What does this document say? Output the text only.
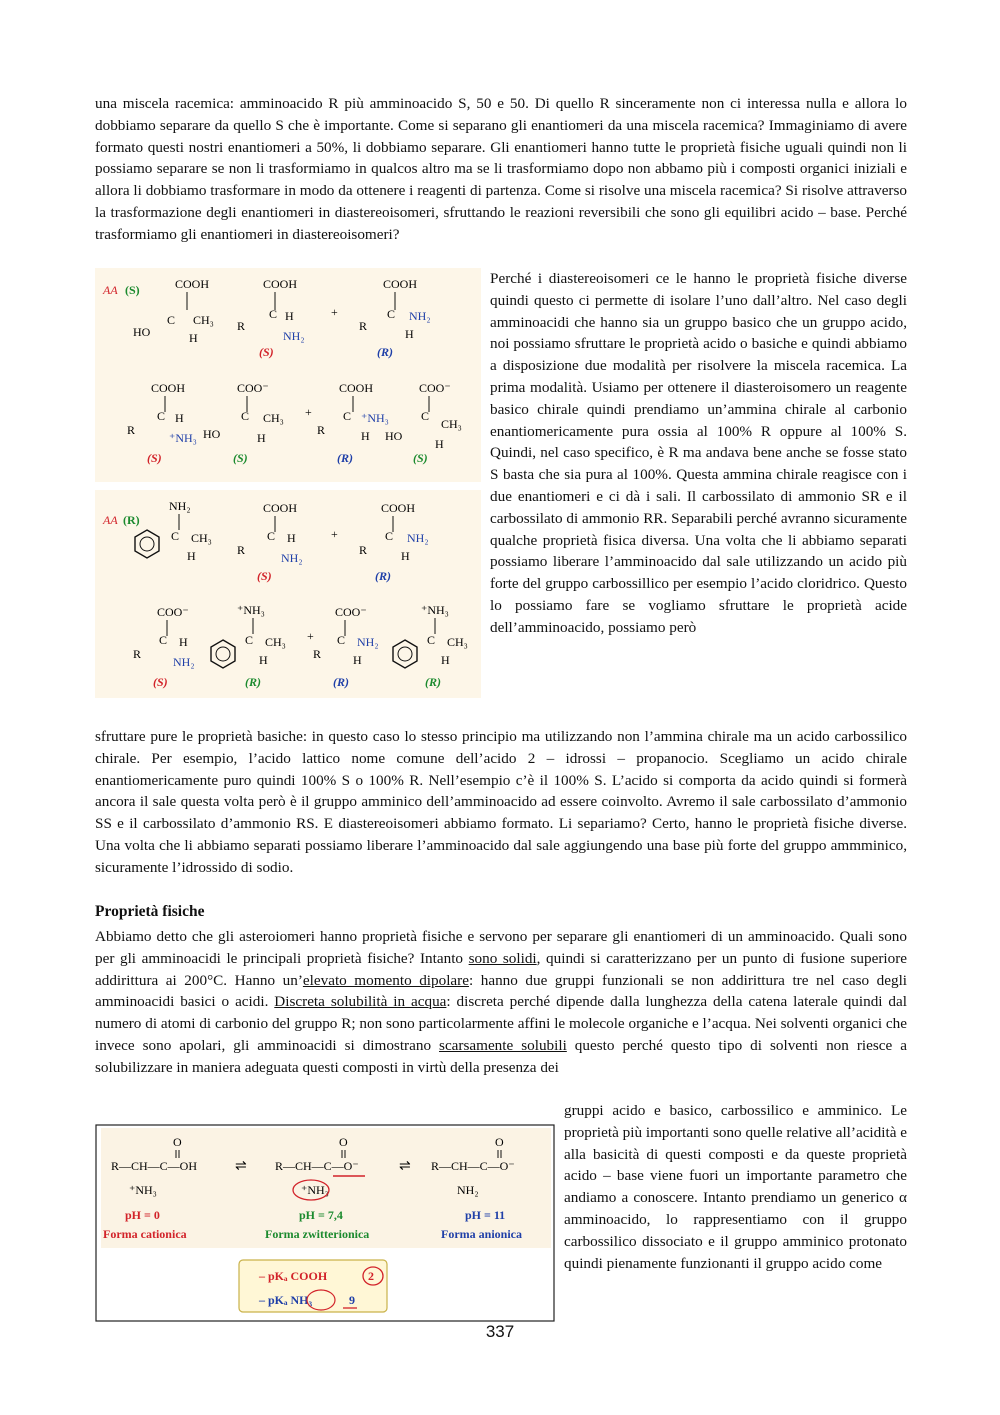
una miscela racemica: amminoacido R più amminoacido S, 50 e 50. Di quello R sinceramente non ci interessa nulla e allora lo dobbiamo separare da quello S che è importante. Come si separano gli enantiomeri da una miscela racemica? Immaginiamo di avere formato questi nostri enantiomeri a 50%, li dobbiamo separare. Gli enantiomeri hanno tutte le proprietà fisiche uguali quindi non li possiamo separare se non li trasformiamo in qualcos altro ma se li trasformiamo dopo non abbamo più i composti organici iniziali e allora li dobbiamo trasformare in modo da ottenere i reagenti di partenza. Come si risolve una miscela racemica? Si risolve attraverso la trasformazione degli enantiomeri in diastereoisomeri, sfruttando le reazioni reversibili che sono gli equilibri acido – base. Perché trasformiamo gli enantiomeri in diastereoisomeri?

Perché i diastereoisomeri ce le hanno le proprietà fisiche diverse quindi questo ci permette di isolare l’uno dall’altro. Nel caso degli amminoacidi che hanno sia un gruppo basico che un gruppo acido, noi possiamo sfruttare le proprietà acido o basiche e quindi abbiamo a disposizione due modalità per risolvere la miscela racemica. La prima modalità. Usiamo per ottenere il diasteroisomero un reagente basico chirale quindi prendiamo un’ammina chirale al carbonio enantiomericamente pura ossia al 100% R oppure al 100% S. Quindi, nel caso specifico, è R ma andava bene anche se fosse stato S basta che sia pura al 100%. Questa ammina chirale reagisce con i due enantiomeri e ci dà i sali. Il carbossilato di ammonio SR e il carbossilato di ammonio RR. Separabili perché avranno sicuramente qualche proprietà fisica diversa. Una volta che li abbiamo separati possiamo liberare l’amminoacido dal sale utilizzando un acido più forte del gruppo carbossillico per esempio l’acido cloridrico. Questo lo possiamo fare se vogliamo sfruttare le proprietà acide dell’amminoacido, possiamo però

AA (S)	COOH
C CH₃
HO	H
COOH
C H
R
NH₂
(S)
+
COOH
C NH₂
R
H
(R)
COOH
C H
R
⁺NH₃
(S)
COO⁻
C CH₃
HO	H
(S)
+
COOH
C ⁺NH₃
R	H
(R)
COO⁻
C
CH₃
HO
H
(S)
AA (R)
NH₂
C CH₃
H
COOH
C H
R
NH₂
(S)
+
COOH
C NH₂
R	H
(R)
COO⁻
C H
R
NH₂
(S)
⁺NH₃
C CH₃
H
(R)
+
COO⁻
C NH₂
R	H
(R)
⁺NH₃
C CH₃
H
(R)

sfruttare pure le proprietà basiche: in questo caso lo stesso principio ma utilizzando non l’ammina chirale ma un acido carbossilico chirale. Per esempio, l’acido lattico nome comune dell’acido 2 – idrossi – propanocio. Scegliamo un acido chirale enantiomericamente puro quindi 100% S o 100% R. Nell’esempio c’è il 100% S. L’acido si comporta da acido quindi si formerà ancora il sale questa volta però è il gruppo amminico dell’amminoacido ad essere coinvolto. Avremo il sale carbossilato d’ammonio SS e il carbossilato d’ammonio RS. E diastereoisomeri abbiamo formato. Li separiamo? Certo, hanno le proprietà fisiche diverse. Una volta che li abbiamo separati possiamo liberare l’amminoacido dal sale aggiungendo una base più forte del gruppo ammminico, sicuramente l’idrossido di sodio.

Proprietà fisiche

Abbiamo detto che gli asteroiomeri hanno proprietà fisiche e servono per separare gli enantiomeri di un amminoacido. Quali sono per gli amminoacidi le principali proprietà fisiche? Intanto sono solidi, quindi si caratterizzano per un punto di fusione superiore addirittura ai 200°C. Hanno un’elevato momento dipolare: hanno due gruppi funzionali se non addirittura tre nel caso degli amminoacidi basici o acidi. Discreta solubilità in acqua: discreta perché dipende dalla lunghezza della catena laterale quindi dal numero di atomi di carbonio del gruppo R; non sono particolarmente affini le molecole organiche e l’acqua. Nei solventi organici che invece sono apolari, gli amminoacidi si dimostrano scarsamente solubili questo perché questo tipo di solventi non riesce a solubilizzare in maniera adeguata questi composti in virtù della presenza dei

gruppi acido e basico, carbossilico e amminico. Le proprietà più importanti sono quelle relative all’acidità e alla basicità di questi composti e da queste proprietà acido – base viene fuori un importante parametro che andiamo a conoscere. Intanto prendiamo un generico α amminoacido, lo rappresentiamo con il gruppo carbossilico dissociato e il gruppo amminico protonato quindi pienamente funzionanti il gruppo acido come

O
R—CH—C—OH
⁺NH₃
pH = 0
Forma cationica
⇌
O
R—CH—C—O⁻
⁺NH₃
pH = 7,4
Forma zwitterionica
⇌
O
R—CH—C—O⁻
NH₂
pH = 11
Forma anionica
– pKₐ COOH	2
– pKₐ NH₃	9
337
